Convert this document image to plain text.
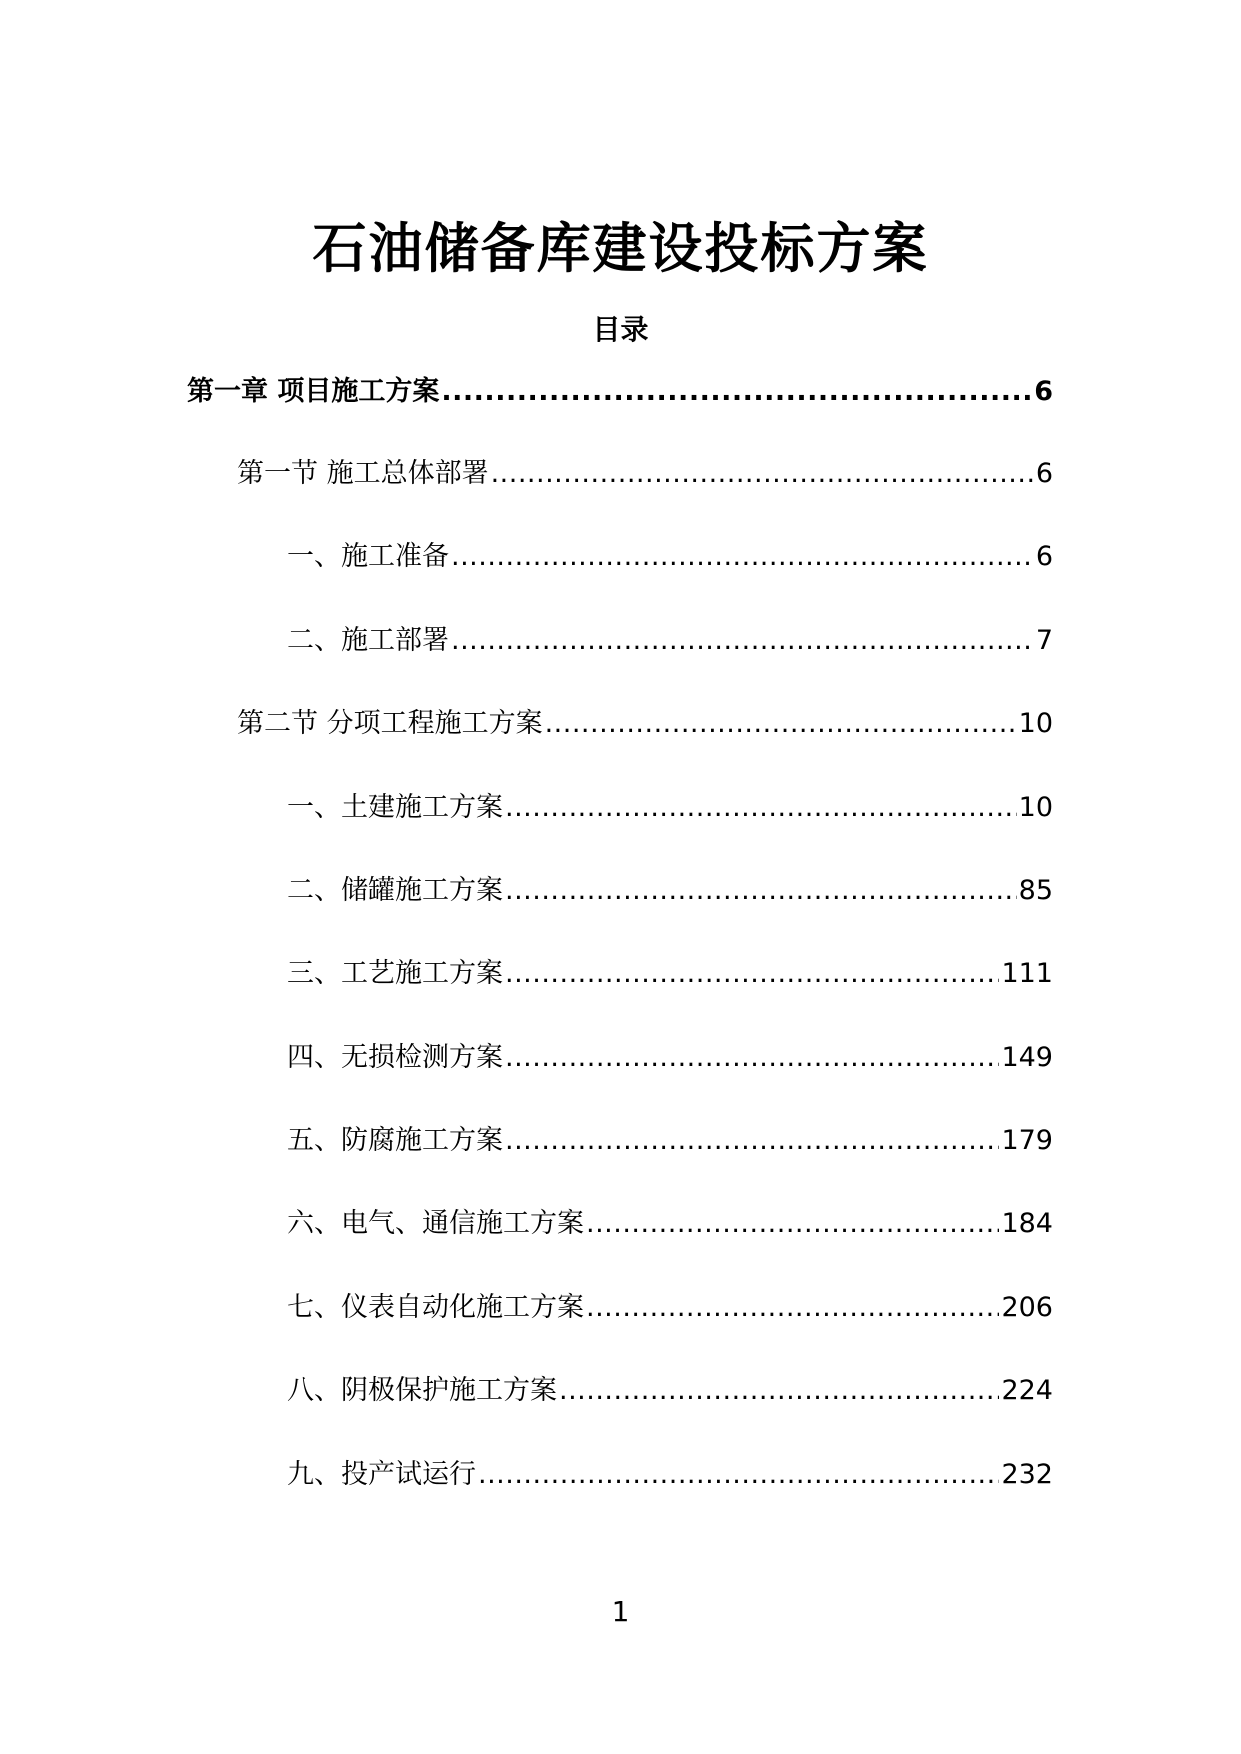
石油储备库建设投标方案
目录
第一章 项目施工方案 .....	6
第一节 施工总体部署 .....	6
一、施工准备 .....	6
二、施工部署 .....	7
第二节 分项工程施工方案 .....	10
一、土建施工方案 .....	10
二、储罐施工方案 .....	85
三、工艺施工方案 .....	111
四、无损检测方案 .....	149
五、防腐施工方案 .....	179
六、电气、通信施工方案 .....	184
七、仪表自动化施工方案 .....	206
八、阴极保护施工方案 .....	224
九、投产试运行 .....	232
1
